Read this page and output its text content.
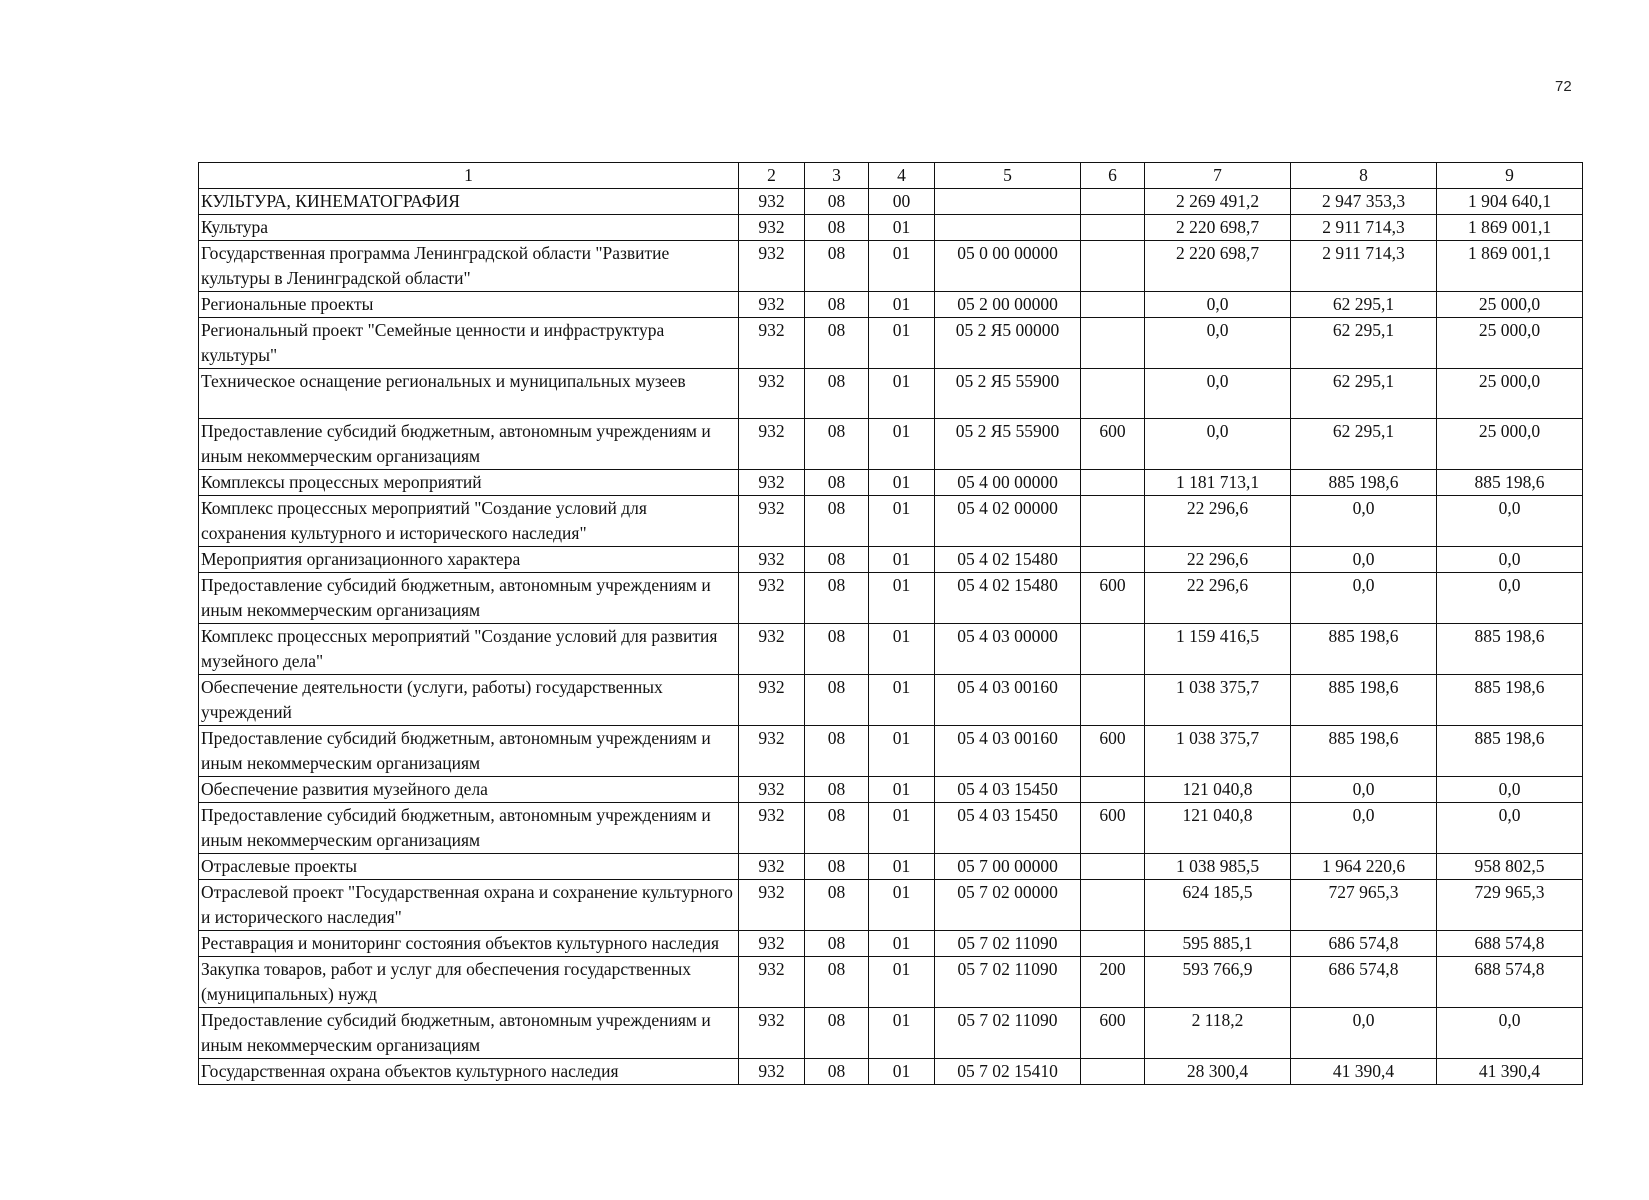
72
1	2	3	4	5	6	7	8	9
КУЛЬТУРА, КИНЕМАТОГРАФИЯ	932	08	00			2 269 491,2	2 947 353,3	1 904 640,1
Культура	932	08	01			2 220 698,7	2 911 714,3	1 869 001,1
Государственная программа Ленинградской области "Развитие культуры в Ленинградской области"	932	08	01	05 0 00 00000		2 220 698,7	2 911 714,3	1 869 001,1
Региональные проекты	932	08	01	05 2 00 00000		0,0	62 295,1	25 000,0
Региональный проект "Семейные ценности и инфраструктура культуры"	932	08	01	05 2 Я5 00000		0,0	62 295,1	25 000,0
Техническое оснащение региональных и муниципальных музеев	932	08	01	05 2 Я5 55900		0,0	62 295,1	25 000,0
Предоставление субсидий бюджетным, автономным учреждениям и иным некоммерческим организациям	932	08	01	05 2 Я5 55900	600	0,0	62 295,1	25 000,0
Комплексы процессных мероприятий	932	08	01	05 4 00 00000		1 181 713,1	885 198,6	885 198,6
Комплекс процессных мероприятий "Создание условий для сохранения культурного и исторического наследия"	932	08	01	05 4 02 00000		22 296,6	0,0	0,0
Мероприятия организационного характера	932	08	01	05 4 02 15480		22 296,6	0,0	0,0
Предоставление субсидий бюджетным, автономным учреждениям и иным некоммерческим организациям	932	08	01	05 4 02 15480	600	22 296,6	0,0	0,0
Комплекс процессных мероприятий "Создание условий для развития музейного дела"	932	08	01	05 4 03 00000		1 159 416,5	885 198,6	885 198,6
Обеспечение деятельности (услуги, работы) государственных учреждений	932	08	01	05 4 03 00160		1 038 375,7	885 198,6	885 198,6
Предоставление субсидий бюджетным, автономным учреждениям и иным некоммерческим организациям	932	08	01	05 4 03 00160	600	1 038 375,7	885 198,6	885 198,6
Обеспечение развития музейного дела	932	08	01	05 4 03 15450		121 040,8	0,0	0,0
Предоставление субсидий бюджетным, автономным учреждениям и иным некоммерческим организациям	932	08	01	05 4 03 15450	600	121 040,8	0,0	0,0
Отраслевые проекты	932	08	01	05 7 00 00000		1 038 985,5	1 964 220,6	958 802,5
Отраслевой проект "Государственная охрана и сохранение культурного и исторического наследия"	932	08	01	05 7 02 00000		624 185,5	727 965,3	729 965,3
Реставрация и мониторинг состояния объектов культурного наследия	932	08	01	05 7 02 11090		595 885,1	686 574,8	688 574,8
Закупка товаров, работ и услуг для обеспечения государственных (муниципальных) нужд	932	08	01	05 7 02 11090	200	593 766,9	686 574,8	688 574,8
Предоставление субсидий бюджетным, автономным учреждениям и иным некоммерческим организациям	932	08	01	05 7 02 11090	600	2 118,2	0,0	0,0
Государственная охрана объектов культурного наследия	932	08	01	05 7 02 15410		28 300,4	41 390,4	41 390,4
